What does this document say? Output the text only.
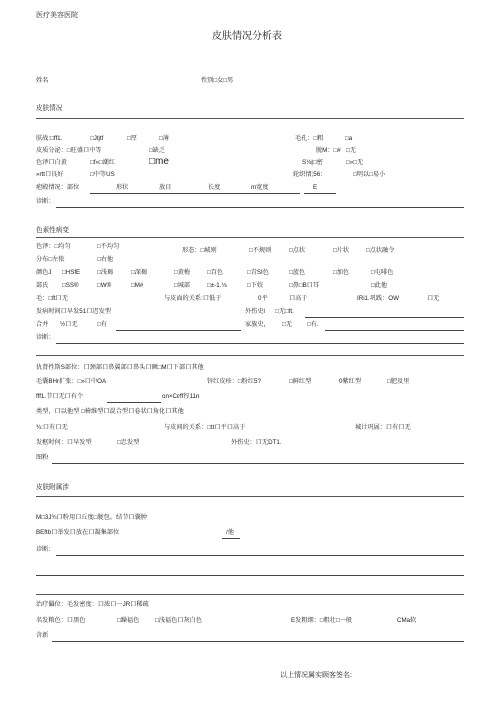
医疗美容医院
皮肤情况分析表
姓名	性别□女□男
皮肤情况
肤战:□ff1.	□Jtjtf	□厚	□薄	毛孔：□粗	□a
皮质分泌：□旺盛口中等	□缺乏	脱M：□# □无
色泽口白黄	□f»□潮红	□me	S⅛|□密	□»□无
»rtt口良好	□中等US	轮织情;56：	□明以□易小
疤殿情况：部位	形状	放目	长度	m宽度	E
诊断：
色素性病变
色泽：□均匀	□不均匀
形态：□城则	□不规则	□点状	□片状	□点状融令
分布□左侬	□右他
颜色J □HSfE	□浅褐	□深褐	□黄梅	□百色	□青SI色	□蓝色	□加色	□屯啡色
部氏 □SS®	□W®	□M#	□城部	□±-1.⅛	□下姣	□鼻□B口耳	□此他
毛：□ft口无	与皮面的关系:口低于	0平	口高于	IRi1.巩践：OW	口无
发病时间口早发51口迟发型	外伤史l □无□ft.
合并 ½口无	□有	家族史， □无 □有.
诊断：
仇肾性斯S部位：口颈部口鼻翼部口鼻头口额□M口下部口其他
毛囊BHr扩张：□»口中OA	锌红皮疹：□粉红5?	□鲜红型	0紫红型	□肥及里
fff1.节口无口有个	on×Cr∕ff徑11n
类型，口以他型 □椅维型口混合型口卷状口角化口其他
¾:口有口无	与皮间的关系：□tt口平口高于	城计巩展：口有口无
发枢时何：口早发型	□忠发型	外伤史：口无DT1.
图粉
皮肤附属涉
M□3J¾口粉用口丘度□胧包。结节口囊肿
BEftb口举发口放在口凝集部位	/他
诊断：
治疗儡位：毛发密度：口浓口一JR口稀疏
名发粮色：口黑色	□躁福色	□浅福色口灰白色	E发粗细：□粗壮□一般	CMa软
含新
以上情况属实顾客签名:
